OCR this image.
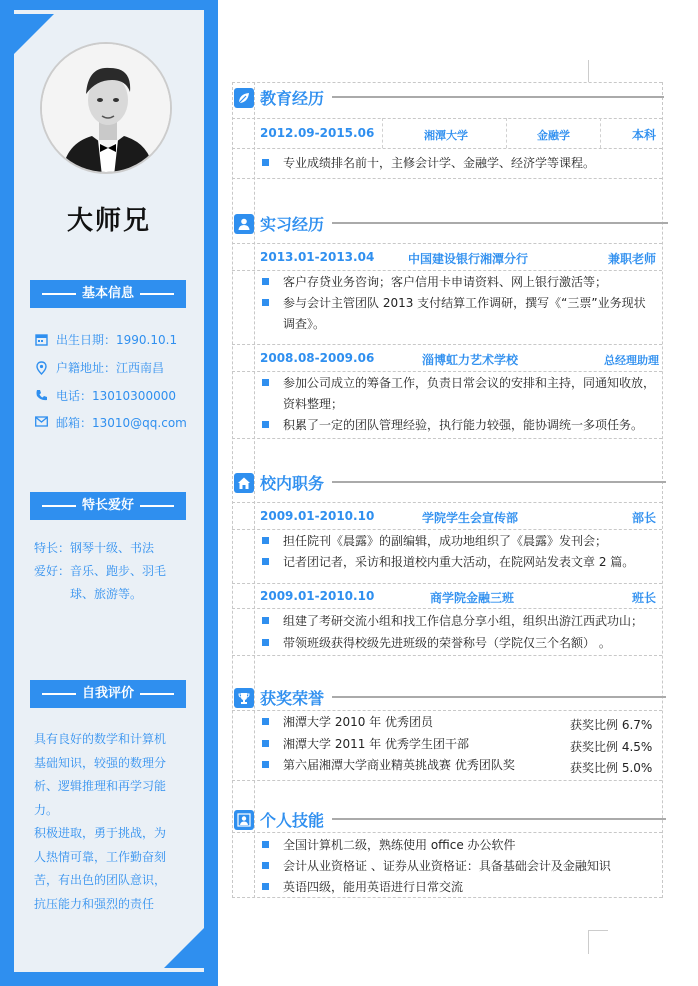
大师兄
基本信息
出生日期：1990.10.1
户籍地址：江西南昌
电话：13010300000
邮箱：13010@qq.com
特长爱好
特长：钢琴十级、书法
爱好：音乐、跑步、羽毛
球、旅游等。
自我评价
具有良好的数学和计算机
基础知识，较强的数理分
析、逻辑推理和再学习能
力。
积极进取，勇于挑战，为
人热情可靠，工作勤奋刻
苦，有出色的团队意识，
抗压能力和强烈的责任
教育经历
2012.09-2015.06	湘潭大学	金融学	本科
专业成绩排名前十，主修会计学、金融学、经济学等课程。
实习经历
2013.01-2013.04	中国建设银行湘潭分行	兼职老师
客户存贷业务咨询；客户信用卡申请资料、网上银行激活等；
参与会计主管团队 2013 支付结算工作调研，撰写《“三票”业务现状
调查》。
2008.08-2009.06	淄博虹力艺术学校	总经理助理
参加公司成立的筹备工作，负责日常会议的安排和主持，同通知收放，
资料整理；
积累了一定的团队管理经验，执行能力较强，能协调统一多项任务。
校内职务
2009.01-2010.10	学院学生会宣传部	部长
担任院刊《晨露》的副编辑，成功地组织了《晨露》发刊会；
记者团记者，采访和报道校内重大活动，在院网站发表文章 2 篇。
2009.01-2010.10	商学院金融三班	班长
组建了考研交流小组和找工作信息分享小组，组织出游江西武功山；
带领班级获得校级先进班级的荣誉称号（学院仅三个名额） 。
获奖荣誉
湘潭大学 2010 年 优秀团员	获奖比例 6.7%
湘潭大学 2011 年 优秀学生团干部	获奖比例 4.5%
第六届湘潭大学商业精英挑战赛 优秀团队奖	获奖比例 5.0%
个人技能
全国计算机二级，熟练使用 office 办公软件
会计从业资格证 、证券从业资格证：具备基础会计及金融知识
英语四级，能用英语进行日常交流
